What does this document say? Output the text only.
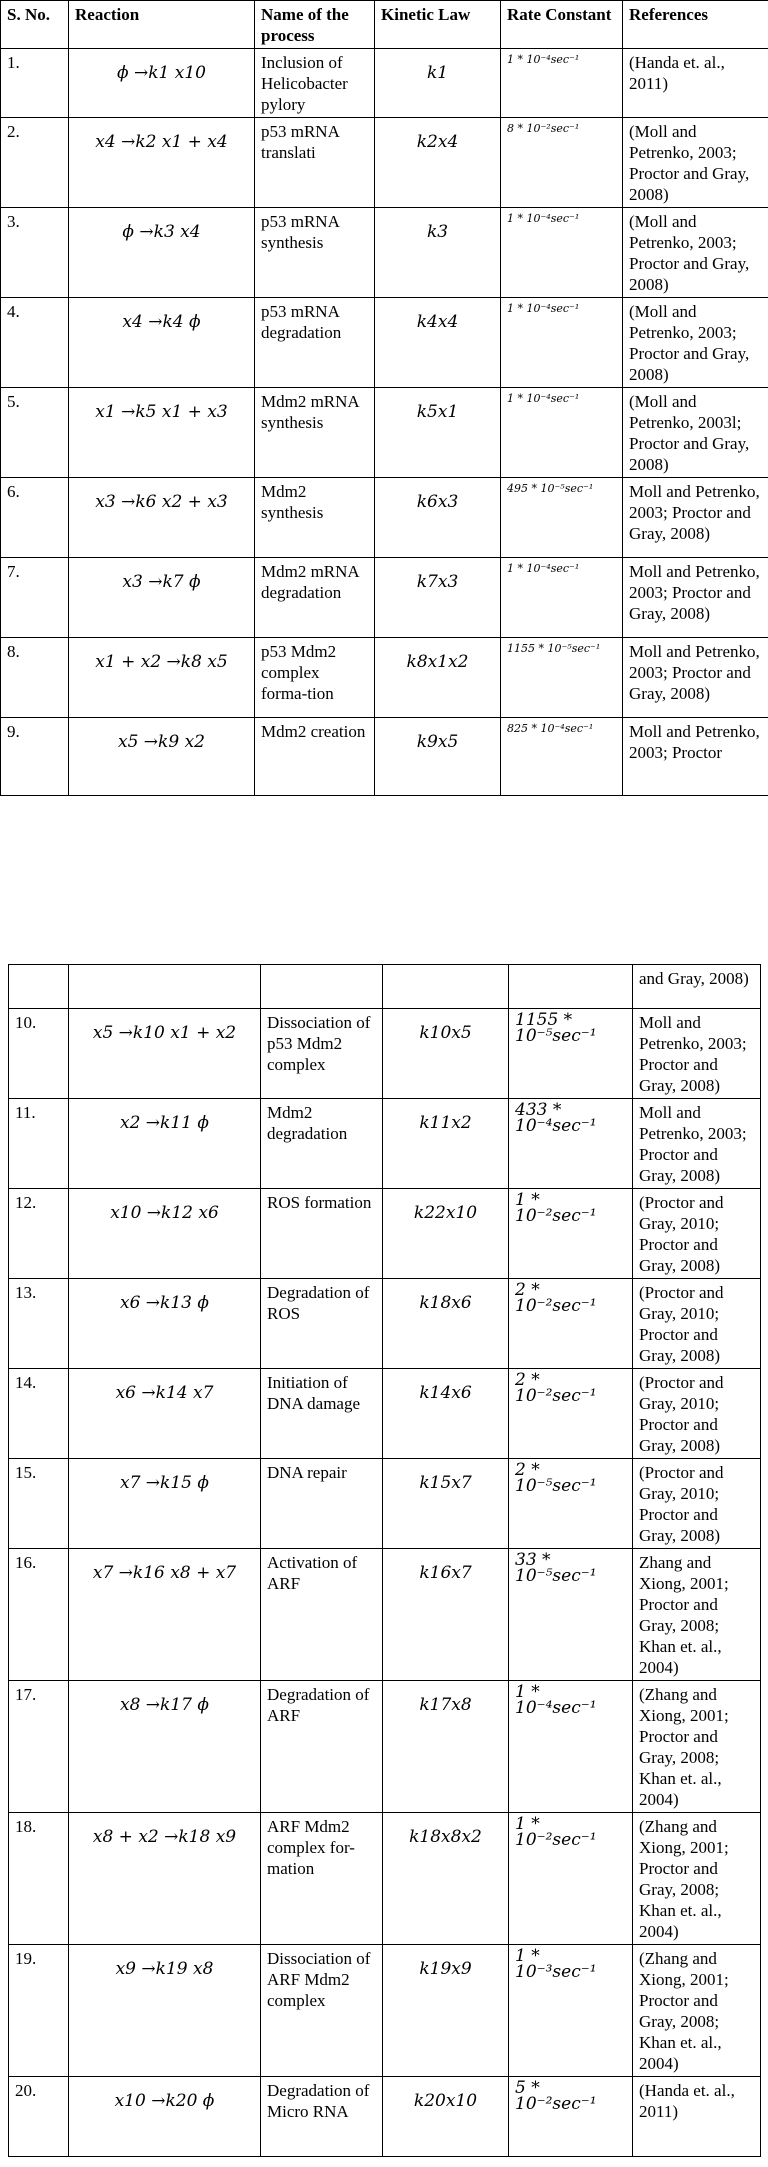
S. No.	Reaction	Name of the process	Kinetic Law	Rate Constant	References
1.	ϕ →k1 x10	Inclusion of Helicobacter pylory	k1	1 * 10⁻⁴sec⁻¹	(Handa et. al., 2011)
2.	x4 →k2 x1 + x4	p53 mRNA translati	k2x4	8 * 10⁻²sec⁻¹	(Moll and Petrenko, 2003; Proctor and Gray, 2008)
3.	ϕ →k3 x4	p53 mRNA synthesis	k3	1 * 10⁻⁴sec⁻¹	(Moll and Petrenko, 2003; Proctor and Gray, 2008)
4.	x4 →k4 ϕ	p53 mRNA degradation	k4x4	1 * 10⁻⁴sec⁻¹	(Moll and Petrenko, 2003; Proctor and Gray, 2008)
5.	x1 →k5 x1 + x3	Mdm2 mRNA synthesis	k5x1	1 * 10⁻⁴sec⁻¹	(Moll and Petrenko, 2003l; Proctor and Gray, 2008)
6.	x3 →k6 x2 + x3	Mdm2 synthesis	k6x3	495 * 10⁻⁵sec⁻¹	Moll and Petrenko, 2003; Proctor and Gray, 2008)
7.	x3 →k7 ϕ	Mdm2 mRNA degradation	k7x3	1 * 10⁻⁴sec⁻¹	Moll and Petrenko, 2003; Proctor and Gray, 2008)
8.	x1 + x2 →k8 x5	p53 Mdm2 complex forma-tion	k8x1x2	1155 * 10⁻⁵sec⁻¹	Moll and Petrenko, 2003; Proctor and Gray, 2008)
9.	x5 →k9 x2	Mdm2 creation	k9x5	825 * 10⁻⁴sec⁻¹	Moll and Petrenko, 2003; Proctor
					and Gray, 2008)
10.	x5 →k10 x1 + x2	Dissociation of p53 Mdm2 complex	k10x5	1155 * 10⁻⁵sec⁻¹	Moll and Petrenko, 2003; Proctor and Gray, 2008)
11.	x2 →k11 ϕ	Mdm2 degradation	k11x2	433 * 10⁻⁴sec⁻¹	Moll and Petrenko, 2003; Proctor and Gray, 2008)
12.	x10 →k12 x6	ROS formation	k22x10	1 * 10⁻²sec⁻¹	(Proctor and Gray, 2010; Proctor and Gray, 2008)
13.	x6 →k13 ϕ	Degradation of ROS	k18x6	2 * 10⁻²sec⁻¹	(Proctor and Gray, 2010; Proctor and Gray, 2008)
14.	x6 →k14 x7	Initiation of DNA damage	k14x6	2 * 10⁻²sec⁻¹	(Proctor and Gray, 2010; Proctor and Gray, 2008)
15.	x7 →k15 ϕ	DNA repair	k15x7	2 * 10⁻⁵sec⁻¹	(Proctor and Gray, 2010; Proctor and Gray, 2008)
16.	x7 →k16 x8 + x7	Activation of ARF	k16x7	33 * 10⁻⁵sec⁻¹	Zhang and Xiong, 2001; Proctor and Gray, 2008; Khan et. al., 2004)
17.	x8 →k17 ϕ	Degradation of ARF	k17x8	1 * 10⁻⁴sec⁻¹	(Zhang and Xiong, 2001; Proctor and Gray, 2008; Khan et. al., 2004)
18.	x8 + x2 →k18 x9	ARF Mdm2 complex for-mation	k18x8x2	1 * 10⁻²sec⁻¹	(Zhang and Xiong, 2001; Proctor and Gray, 2008; Khan et. al., 2004)
19.	x9 →k19 x8	Dissociation of ARF Mdm2 complex	k19x9	1 * 10⁻³sec⁻¹	(Zhang and Xiong, 2001; Proctor and Gray, 2008; Khan et. al., 2004)
20.	x10 →k20 ϕ	Degradation of Micro RNA	k20x10	5 * 10⁻²sec⁻¹	(Handa et. al., 2011)
